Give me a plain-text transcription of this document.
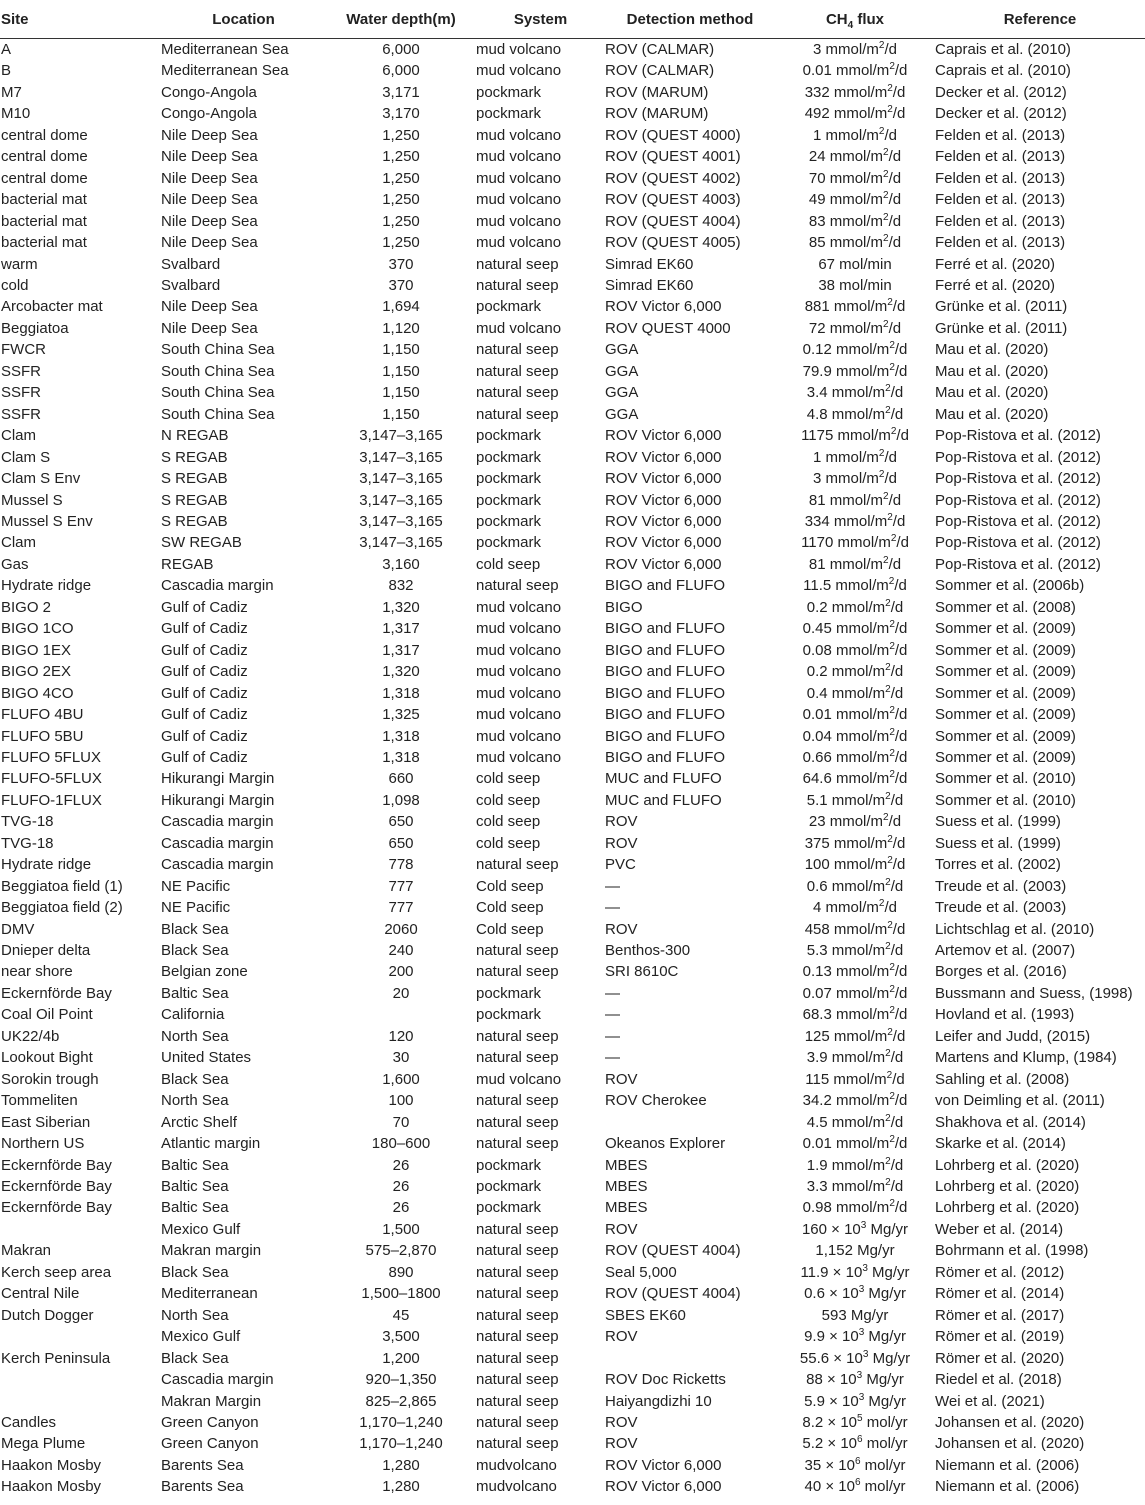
Site	Location	Water depth(m)	System	Detection method	$CH_4$ flux	Reference
A	Mediterranean Sea	6,000	mud volcano	ROV (CALMAR)	3 mmol/$m^2/d$	Caprais et al. (2010)
B	Mediterranean Sea	6,000	mud volcano	ROV (CALMAR)	0.01 mmol/$m^2/d$	Caprais et al. (2010)
M7	Congo-Angola	3,171	pockmark	ROV (MARUM)	332 mmol/$m^2/d$	Decker et al. (2012)
M10	Congo-Angola	3,170	pockmark	ROV (MARUM)	492 mmol/$m^2/d$	Decker et al. (2012)
central dome	Nile Deep Sea	1,250	mud volcano	ROV (QUEST 4000)	1 mmol/$m^2/d$	Felden et al. (2013)
central dome	Nile Deep Sea	1,250	mud volcano	ROV (QUEST 4001)	24 mmol/$m^2/d$	Felden et al. (2013)
central dome	Nile Deep Sea	1,250	mud volcano	ROV (QUEST 4002)	70 mmol/$m^2/d$	Felden et al. (2013)
bacterial mat	Nile Deep Sea	1,250	mud volcano	ROV (QUEST 4003)	49 mmol/$m^2/d$	Felden et al. (2013)
bacterial mat	Nile Deep Sea	1,250	mud volcano	ROV (QUEST 4004)	83 mmol/$m^2/d$	Felden et al. (2013)
bacterial mat	Nile Deep Sea	1,250	mud volcano	ROV (QUEST 4005)	85 mmol/$m^2/d$	Felden et al. (2013)
warm	Svalbard	370	natural seep	Simrad EK60	67 mol/min	Ferré et al. (2020)
cold	Svalbard	370	natural seep	Simrad EK60	38 mol/min	Ferré et al. (2020)
Arcobacter mat	Nile Deep Sea	1,694	pockmark	ROV Victor 6,000	881 mmol/$m^2/d$	Grünke et al. (2011)
Beggiatoa	Nile Deep Sea	1,120	mud volcano	ROV QUEST 4000	72 mmol/$m^2/d$	Grünke et al. (2011)
FWCR	South China Sea	1,150	natural seep	GGA	0.12 mmol/$m^2/d$	Mau et al. (2020)
SSFR	South China Sea	1,150	natural seep	GGA	79.9 mmol/$m^2/d$	Mau et al. (2020)
SSFR	South China Sea	1,150	natural seep	GGA	3.4 mmol/$m^2/d$	Mau et al. (2020)
SSFR	South China Sea	1,150	natural seep	GGA	4.8 mmol/$m^2/d$	Mau et al. (2020)
Clam	N REGAB	3,147–3,165	pockmark	ROV Victor 6,000	1175 mmol/$m^2/d$	Pop-Ristova et al. (2012)
Clam S	S REGAB	3,147–3,165	pockmark	ROV Victor 6,000	1 mmol/$m^2/d$	Pop-Ristova et al. (2012)
Clam S Env	S REGAB	3,147–3,165	pockmark	ROV Victor 6,000	3 mmol/$m^2/d$	Pop-Ristova et al. (2012)
Mussel S	S REGAB	3,147–3,165	pockmark	ROV Victor 6,000	81 mmol/$m^2/d$	Pop-Ristova et al. (2012)
Mussel S Env	S REGAB	3,147–3,165	pockmark	ROV Victor 6,000	334 mmol/$m^2/d$	Pop-Ristova et al. (2012)
Clam	SW REGAB	3,147–3,165	pockmark	ROV Victor 6,000	1170 mmol/$m^2/d$	Pop-Ristova et al. (2012)
Gas	REGAB	3,160	cold seep	ROV Victor 6,000	81 mmol/$m^2/d$	Pop-Ristova et al. (2012)
Hydrate ridge	Cascadia margin	832	natural seep	BIGO and FLUFO	11.5 mmol/$m^2/d$	Sommer et al. (2006b)
BIGO 2	Gulf of Cadiz	1,320	mud volcano	BIGO	0.2 mmol/$m^2/d$	Sommer et al. (2008)
BIGO 1CO	Gulf of Cadiz	1,317	mud volcano	BIGO and FLUFO	0.45 mmol/$m^2/d$	Sommer et al. (2009)
BIGO 1EX	Gulf of Cadiz	1,317	mud volcano	BIGO and FLUFO	0.08 mmol/$m^2/d$	Sommer et al. (2009)
BIGO 2EX	Gulf of Cadiz	1,320	mud volcano	BIGO and FLUFO	0.2 mmol/$m^2/d$	Sommer et al. (2009)
BIGO 4CO	Gulf of Cadiz	1,318	mud volcano	BIGO and FLUFO	0.4 mmol/$m^2/d$	Sommer et al. (2009)
FLUFO 4BU	Gulf of Cadiz	1,325	mud volcano	BIGO and FLUFO	0.01 mmol/$m^2/d$	Sommer et al. (2009)
FLUFO 5BU	Gulf of Cadiz	1,318	mud volcano	BIGO and FLUFO	0.04 mmol/$m^2/d$	Sommer et al. (2009)
FLUFO 5FLUX	Gulf of Cadiz	1,318	mud volcano	BIGO and FLUFO	0.66 mmol/$m^2/d$	Sommer et al. (2009)
FLUFO-5FLUX	Hikurangi Margin	660	cold seep	MUC and FLUFO	64.6 mmol/$m^2/d$	Sommer et al. (2010)
FLUFO-1FLUX	Hikurangi Margin	1,098	cold seep	MUC and FLUFO	5.1 mmol/$m^2/d$	Sommer et al. (2010)
TVG-18	Cascadia margin	650	cold seep	ROV	23 mmol/$m^2/d$	Suess et al. (1999)
TVG-18	Cascadia margin	650	cold seep	ROV	375 mmol/$m^2/d$	Suess et al. (1999)
Hydrate ridge	Cascadia margin	778	natural seep	PVC	100 mmol/$m^2/d$	Torres et al. (2002)
Beggiatoa field (1)	NE Pacific	777	Cold seep	—	0.6 mmol/$m^2/d$	Treude et al. (2003)
Beggiatoa field (2)	NE Pacific	777	Cold seep	—	4 mmol/$m^2/d$	Treude et al. (2003)
DMV	Black Sea	2060	Cold seep	ROV	458 mmol/$m^2/d$	Lichtschlag et al. (2010)
Dnieper delta	Black Sea	240	natural seep	Benthos-300	5.3 mmol/$m^2/d$	Artemov et al. (2007)
near shore	Belgian zone	200	natural seep	SRI 8610C	0.13 mmol/$m^2/d$	Borges et al. (2016)
Eckernförde Bay	Baltic Sea	20	pockmark	—	0.07 mmol/$m^2/d$	Bussmann and Suess, (1998)
Coal Oil Point	California		pockmark	—	68.3 mmol/$m^2/d$	Hovland et al. (1993)
UK22/4b	North Sea	120	natural seep	—	125 mmol/$m^2/d$	Leifer and Judd, (2015)
Lookout Bight	United States	30	natural seep	—	3.9 mmol/$m^2/d$	Martens and Klump, (1984)
Sorokin trough	Black Sea	1,600	mud volcano	ROV	115 mmol/$m^2/d$	Sahling et al. (2008)
Tommeliten	North Sea	100	natural seep	ROV Cherokee	34.2 mmol/$m^2/d$	von Deimling et al. (2011)
East Siberian	Arctic Shelf	70	natural seep		4.5 mmol/$m^2/d$	Shakhova et al. (2014)
Northern US	Atlantic margin	180–600	natural seep	Okeanos Explorer	0.01 mmol/$m^2/d$	Skarke et al. (2014)
Eckernförde Bay	Baltic Sea	26	pockmark	MBES	1.9 mmol/$m^2/d$	Lohrberg et al. (2020)
Eckernförde Bay	Baltic Sea	26	pockmark	MBES	3.3 mmol/$m^2/d$	Lohrberg et al. (2020)
Eckernförde Bay	Baltic Sea	26	pockmark	MBES	0.98 mmol/$m^2/d$	Lohrberg et al. (2020)
	Mexico Gulf	1,500	natural seep	ROV	$160 \times 10^3$ Mg/yr	Weber et al. (2014)
Makran	Makran margin	575–2,870	natural seep	ROV (QUEST 4004)	1,152 Mg/yr	Bohrmann et al. (1998)
Kerch seep area	Black Sea	890	natural seep	Seal 5,000	$11.9 \times 10^3$ Mg/yr	Römer et al. (2012)
Central Nile	Mediterranean	1,500–1800	natural seep	ROV (QUEST 4004)	$0.6 \times 10^3$ Mg/yr	Römer et al. (2014)
Dutch Dogger	North Sea	45	natural seep	SBES EK60	593 Mg/yr	Römer et al. (2017)
	Mexico Gulf	3,500	natural seep	ROV	$9.9 \times 10^3$ Mg/yr	Römer et al. (2019)
Kerch Peninsula	Black Sea	1,200	natural seep		$55.6 \times 10^3$ Mg/yr	Römer et al. (2020)
	Cascadia margin	920–1,350	natural seep	ROV Doc Ricketts	$88 \times 10^3$ Mg/yr	Riedel et al. (2018)
	Makran Margin	825–2,865	natural seep	Haiyangdizhi 10	$5.9 \times 10^3$ Mg/yr	Wei et al. (2021)
Candles	Green Canyon	1,170–1,240	natural seep	ROV	$8.2 \times 10^5$ mol/yr	Johansen et al. (2020)
Mega Plume	Green Canyon	1,170–1,240	natural seep	ROV	$5.2 \times 10^6$ mol/yr	Johansen et al. (2020)
Haakon Mosby	Barents Sea	1,280	mudvolcano	ROV Victor 6,000	$35 \times 10^6$ mol/yr	Niemann et al. (2006)
Haakon Mosby	Barents Sea	1,280	mudvolcano	ROV Victor 6,000	$40 \times 10^6$ mol/yr	Niemann et al. (2006)
